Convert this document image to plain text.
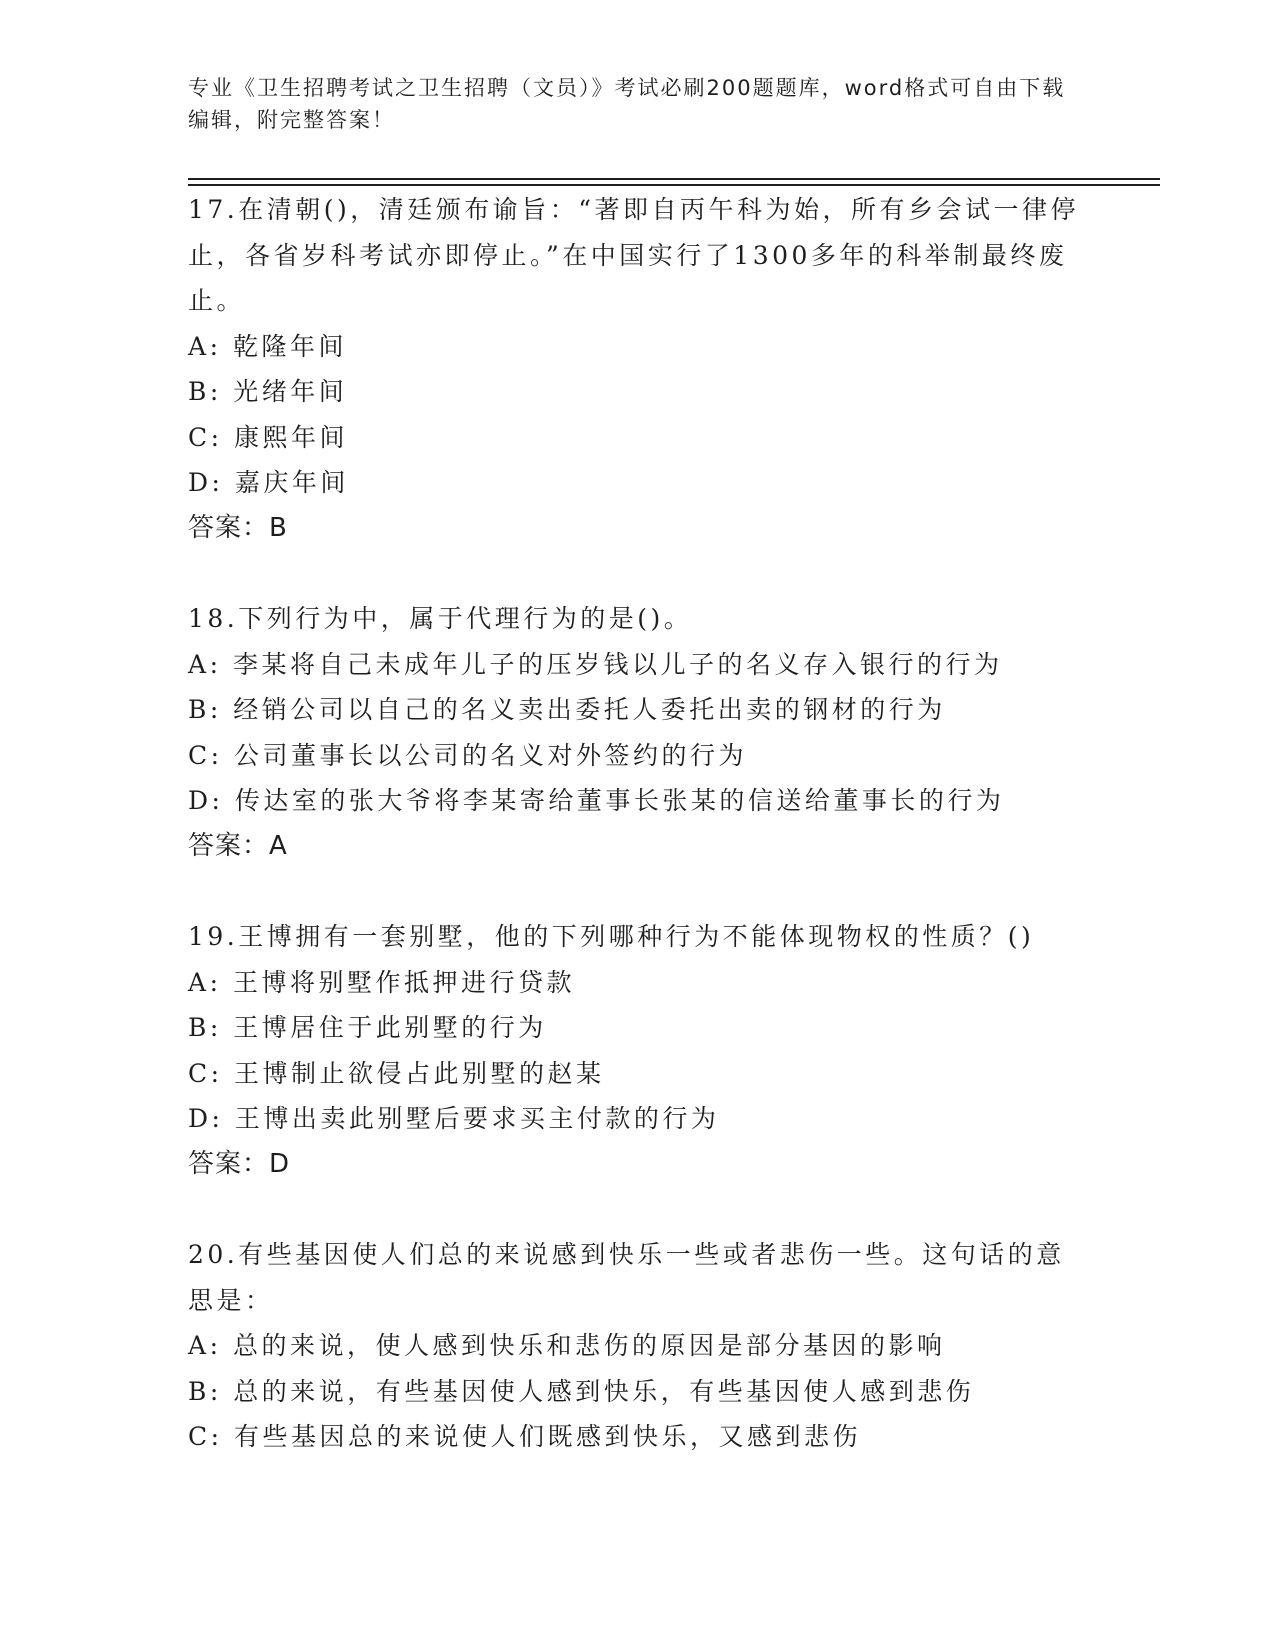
专业《卫生招聘考试之卫生招聘（文员）》考试必刷200题题库，word格式可自由下载编辑，附完整答案！

17.在清朝()，清廷颁布谕旨：“著即自丙午科为始，所有乡会试一律停止，各省岁科考试亦即停止。”在中国实行了1300多年的科举制最终废止。

A: 乾隆年间

B: 光绪年间

C: 康熙年间

D: 嘉庆年间

答案：B

18.下列行为中，属于代理行为的是()。

A: 李某将自己未成年儿子的压岁钱以儿子的名义存入银行的行为

B: 经销公司以自己的名义卖出委托人委托出卖的钢材的行为

C: 公司董事长以公司的名义对外签约的行为

D: 传达室的张大爷将李某寄给董事长张某的信送给董事长的行为

答案：A

19.王博拥有一套别墅，他的下列哪种行为不能体现物权的性质？()

A: 王博将别墅作抵押进行贷款

B: 王博居住于此别墅的行为

C: 王博制止欲侵占此别墅的赵某

D: 王博出卖此别墅后要求买主付款的行为

答案：D

20.有些基因使人们总的来说感到快乐一些或者悲伤一些。这句话的意思是：

A: 总的来说，使人感到快乐和悲伤的原因是部分基因的影响

B: 总的来说，有些基因使人感到快乐，有些基因使人感到悲伤

C: 有些基因总的来说使人们既感到快乐，又感到悲伤
